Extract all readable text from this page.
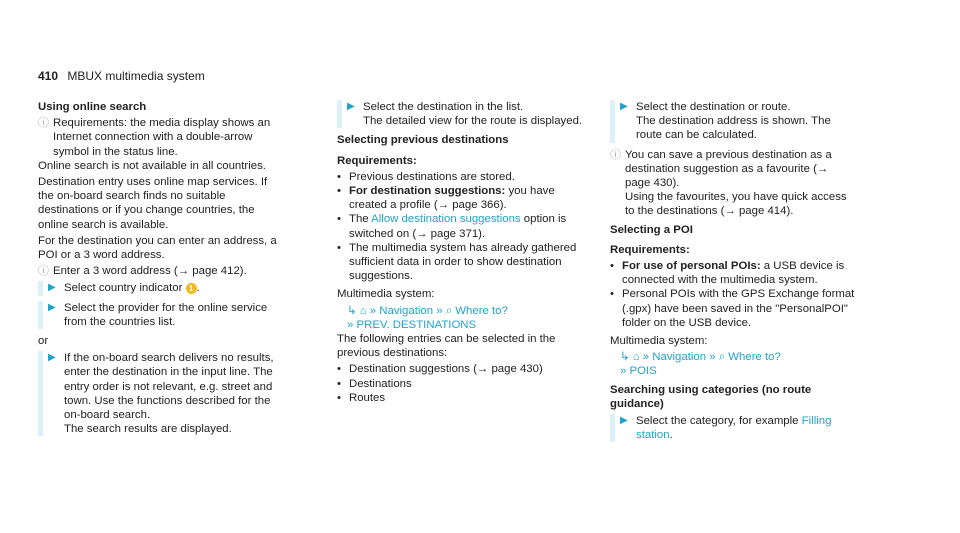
410 MBUX multimedia system
Using online search
ⓘ Requirements: the media display shows an Internet connection with a double-arrow symbol in the status line.
Online search is not available in all countries.
Destination entry uses online map services. If the on-board search finds no suitable destinations or if you change countries, the online search is available.
For the destination you can enter an address, a POI or a 3 word address.
ⓘ Enter a 3 word address (→ page 412).
▶ Select country indicator 1 .
▶ Select the provider for the online service from the countries list.
or
▶ If the on-board search delivers no results, enter the destination in the input line. The entry order is not relevant, e.g. street and town. Use the functions described for the on-board search.
The search results are displayed.
▶ Select the destination in the list.
The detailed view for the route is displayed.
Selecting previous destinations
Requirements:
• Previous destinations are stored.
• For destination suggestions: you have created a profile (→ page 366).
• The Allow destination suggestions option is switched on (→ page 371).
• The multimedia system has already gathered sufficient data in order to show destination suggestions.
Multimedia system:
↳ ⌂ » Navigation » ⌕ Where to?
» PREV. DESTINATIONS
The following entries can be selected in the previous destinations:
• Destination suggestions (→ page 430)
• Destinations
• Routes
▶ Select the destination or route.
The destination address is shown. The route can be calculated.
ⓘ You can save a previous destination as a destination suggestion as a favourite (→ page 430).
Using the favourites, you have quick access to the destinations (→ page 414).
Selecting a POI
Requirements:
• For use of personal POIs: a USB device is connected with the multimedia system.
• Personal POIs with the GPS Exchange format (.gpx) have been saved in the "PersonalPOI" folder on the USB device.
Multimedia system:
↳ ⌂ » Navigation » ⌕ Where to?
» POIS
Searching using categories (no route guidance)
▶ Select the category, for example Filling station.
